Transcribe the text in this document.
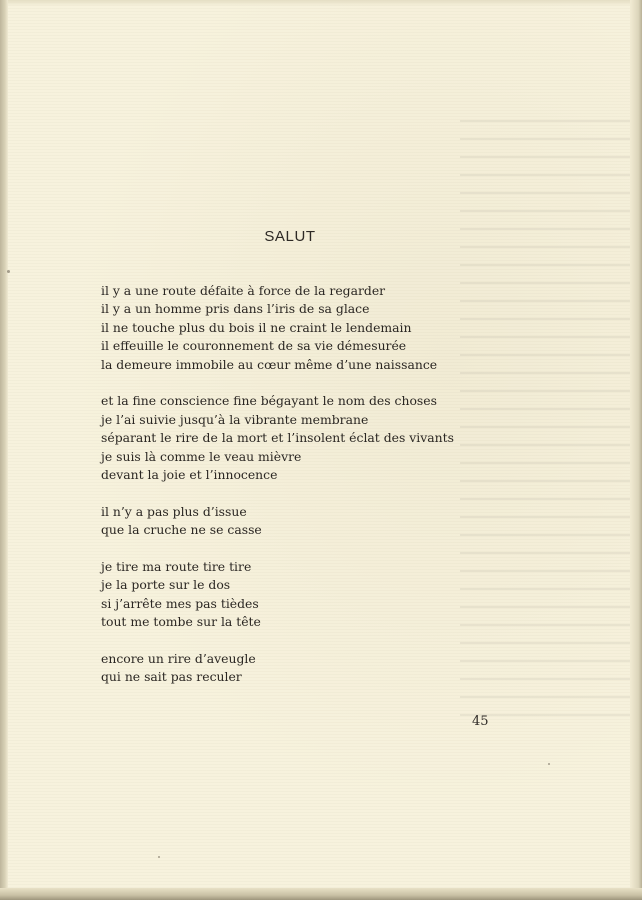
SALUT
il y a une route défaite à force de la regarder
il y a un homme pris dans l’iris de sa glace
il ne touche plus du bois il ne craint le lendemain
il effeuille le couronnement de sa vie démesurée
la demeure immobile au cœur même d’une naissance
et la fine conscience fine bégayant le nom des choses
je l’ai suivie jusqu’à la vibrante membrane
séparant le rire de la mort et l’insolent éclat des vivants
je suis là comme le veau mièvre
devant la joie et l’innocence
il n’y a pas plus d’issue
que la cruche ne se casse
je tire ma route tire tire
je la porte sur le dos
si j’arrête mes pas tièdes
tout me tombe sur la tête
encore un rire d’aveugle
qui ne sait pas reculer
45
